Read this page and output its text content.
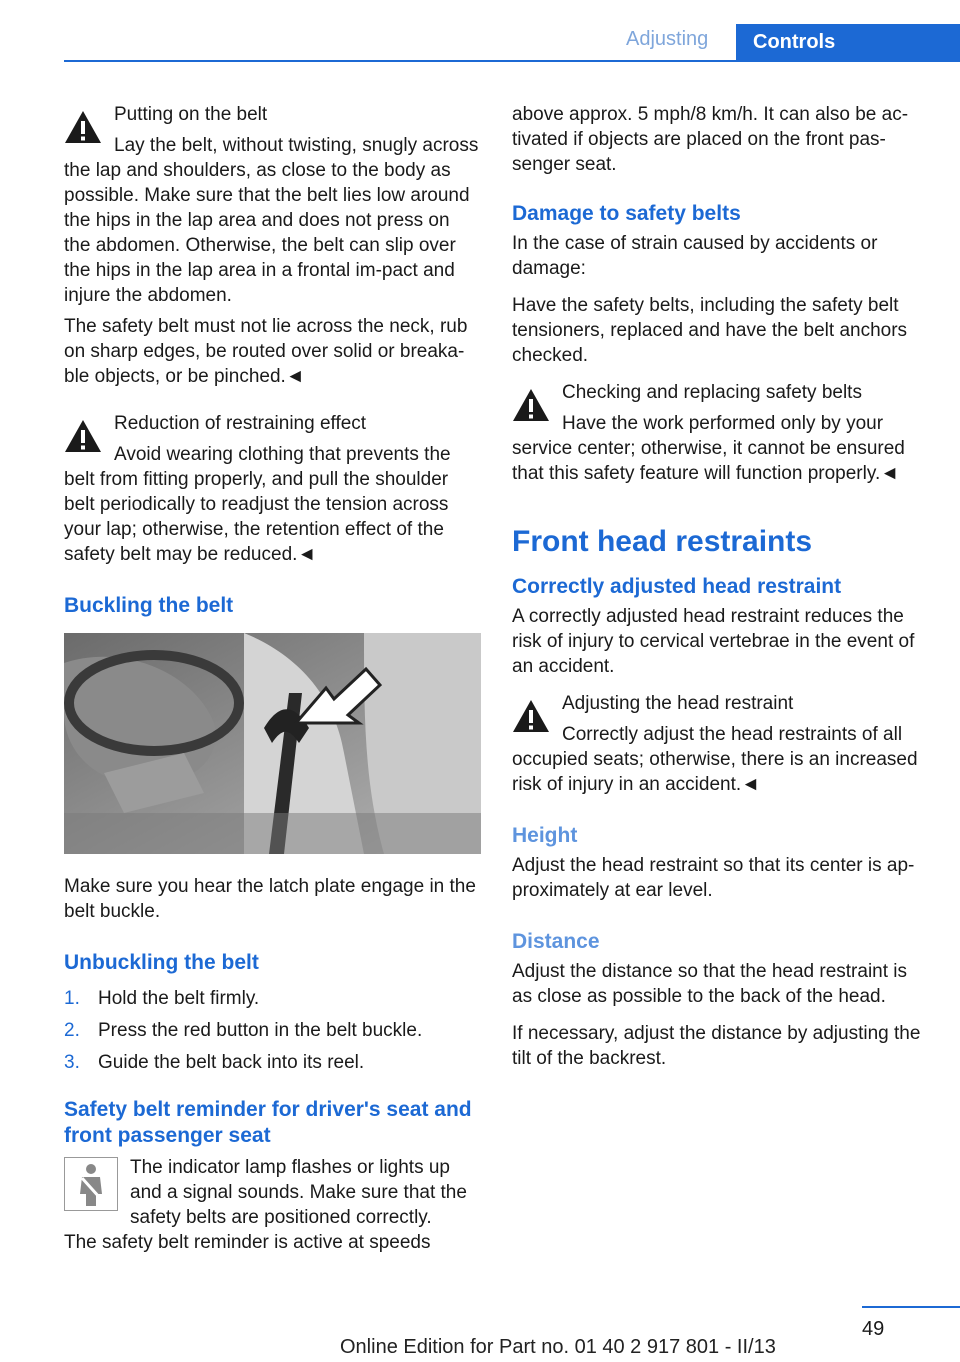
Adjusting	Controls

Putting on the belt

Lay the belt, without twisting, snugly across the lap and shoulders, as close to the body as possible. Make sure that the belt lies low around the hips in the lap area and does not press on the abdomen. Otherwise, the belt can slip over the hips in the lap area in a frontal im-pact and injure the abdomen.

The safety belt must not lie across the neck, rub on sharp edges, be routed over solid or breaka-ble objects, or be pinched.◄

Reduction of restraining effect

Avoid wearing clothing that prevents the belt from fitting properly, and pull the shoulder belt periodically to readjust the tension across your lap; otherwise, the retention effect of the safety belt may be reduced.◄

Buckling the belt

Make sure you hear the latch plate engage in the belt buckle.

Unbuckling the belt
1. Hold the belt firmly.
2. Press the red button in the belt buckle.
3. Guide the belt back into its reel.
Safety belt reminder for driver's seat and front passenger seat

The indicator lamp flashes or lights up and a signal sounds. Make sure that the safety belts are positioned correctly.

The safety belt reminder is active at speeds

above approx. 5 mph/8 km/h. It can also be ac-tivated if objects are placed on the front pas-senger seat.

Damage to safety belts

In the case of strain caused by accidents or damage:

Have the safety belts, including the safety belt tensioners, replaced and have the belt anchors checked.

Checking and replacing safety belts

Have the work performed only by your service center; otherwise, it cannot be ensured that this safety feature will function properly.◄

Front head restraints
Correctly adjusted head restraint

A correctly adjusted head restraint reduces the risk of injury to cervical vertebrae in the event of an accident.

Adjusting the head restraint

Correctly adjust the head restraints of all occupied seats; otherwise, there is an increased risk of injury in an accident.◄

Height

Adjust the head restraint so that its center is ap-proximately at ear level.

Distance

Adjust the distance so that the head restraint is as close as possible to the back of the head.

If necessary, adjust the distance by adjusting the tilt of the backrest.

49
Online Edition for Part no. 01 40 2 917 801 - II/13
